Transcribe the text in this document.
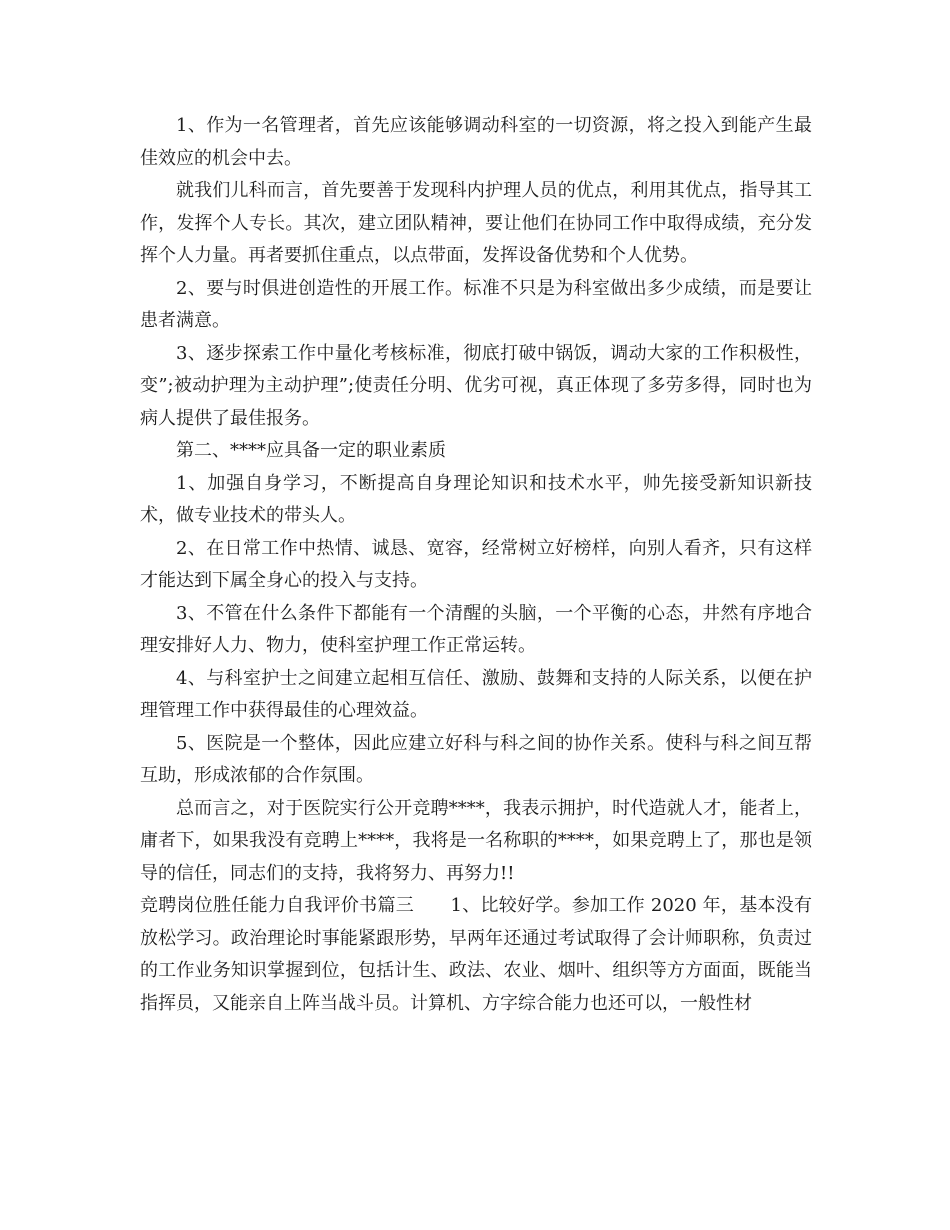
1、作为一名管理者，首先应该能够调动科室的一切资源，将之投入到能产生最佳效应的机会中去。

就我们儿科而言，首先要善于发现科内护理人员的优点，利用其优点，指导其工作，发挥个人专长。其次，建立团队精神，要让他们在协同工作中取得成绩，充分发挥个人力量。再者要抓住重点，以点带面，发挥设备优势和个人优势。

2、要与时俱进创造性的开展工作。标准不只是为科室做出多少成绩，而是要让患者满意。

3、逐步探索工作中量化考核标准，彻底打破中锅饭，调动大家的工作积极性，变”;被动护理为主动护理”;使责任分明、优劣可视，真正体现了多劳多得，同时也为病人提供了最佳报务。

第二、****应具备一定的职业素质

1、加强自身学习，不断提高自身理论知识和技术水平，帅先接受新知识新技术，做专业技术的带头人。

2、在日常工作中热情、诚恳、宽容，经常树立好榜样，向别人看齐，只有这样才能达到下属全身心的投入与支持。

3、不管在什么条件下都能有一个清醒的头脑，一个平衡的心态，井然有序地合理安排好人力、物力，使科室护理工作正常运转。

4、与科室护士之间建立起相互信任、激励、鼓舞和支持的人际关系，以便在护理管理工作中获得最佳的心理效益。

5、医院是一个整体，因此应建立好科与科之间的协作关系。使科与科之间互帮互助，形成浓郁的合作氛围。

总而言之，对于医院实行公开竞聘****，我表示拥护，时代造就人才，能者上，庸者下，如果我没有竞聘上****，我将是一名称职的****，如果竞聘上了，那也是领导的信任，同志们的支持，我将努力、再努力!!

竞聘岗位胜任能力自我评价书篇三　　1、比较好学。参加工作 2020 年，基本没有放松学习。政治理论时事能紧跟形势，早两年还通过考试取得了会计师职称，负责过的工作业务知识掌握到位，包括计生、政法、农业、烟叶、组织等方方面面，既能当指挥员，又能亲自上阵当战斗员。计算机、方字综合能力也还可以，一般性材
